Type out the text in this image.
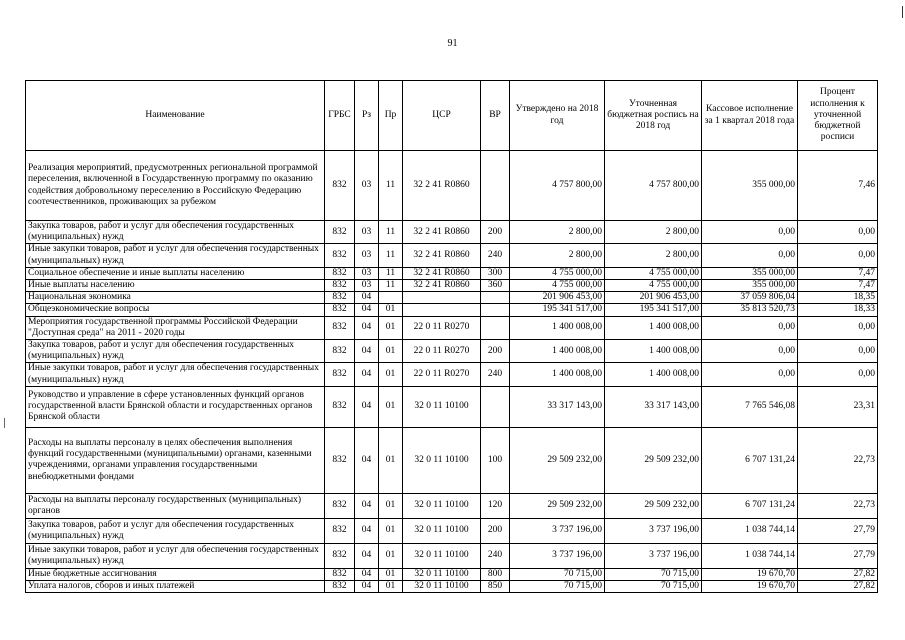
91
Наименование	ГРБС	Рз	Пр	ЦСР	ВР	Утверждено на 2018 год	Уточненная бюджетная роспись на 2018 год	Кассовое исполнение за 1 квартал 2018 года	Процент исполнения к уточненной бюджетной росписи
Реализация мероприятий, предусмотренных региональной программой переселения, включенной в Государственную программу по оказанию содействия добровольному переселению в Российскую Федерацию соотечественников, проживающих за рубежом	832	03	11	32 2 41 R0860		4 757 800,00	4 757 800,00	355 000,00	7,46
Закупка товаров, работ и услуг для обеспечения государственных (муниципальных) нужд	832	03	11	32 2 41 R0860	200	2 800,00	2 800,00	0,00	0,00
Иные закупки товаров, работ и услуг для обеспечения государственных (муниципальных) нужд	832	03	11	32 2 41 R0860	240	2 800,00	2 800,00	0,00	0,00
Социальное обеспечение и иные выплаты населению	832	03	11	32 2 41 R0860	300	4 755 000,00	4 755 000,00	355 000,00	7,47
Иные выплаты населению	832	03	11	32 2 41 R0860	360	4 755 000,00	4 755 000,00	355 000,00	7,47
Национальная экономика	832	04				201 906 453,00	201 906 453,00	37 059 806,04	18,35
Общеэкономические вопросы	832	04	01			195 341 517,00	195 341 517,00	35 813 520,73	18,33
Мероприятия государственной программы Российской Федерации "Доступная среда" на 2011 - 2020 годы	832	04	01	22 0 11 R0270		1 400 008,00	1 400 008,00	0,00	0,00
Закупка товаров, работ и услуг для обеспечения государственных (муниципальных) нужд	832	04	01	22 0 11 R0270	200	1 400 008,00	1 400 008,00	0,00	0,00
Иные закупки товаров, работ и услуг для обеспечения государственных (муниципальных) нужд	832	04	01	22 0 11 R0270	240	1 400 008,00	1 400 008,00	0,00	0,00
Руководство и управление в сфере установленных функций органов государственной власти Брянской области и государственных органов Брянской области	832	04	01	32 0 11 10100		33 317 143,00	33 317 143,00	7 765 546,08	23,31
Расходы на выплаты персоналу в целях обеспечения выполнения функций государственными (муниципальными) органами, казенными учреждениями, органами управления государственными внебюджетными фондами	832	04	01	32 0 11 10100	100	29 509 232,00	29 509 232,00	6 707 131,24	22,73
Расходы на выплаты персоналу государственных (муниципальных) органов	832	04	01	32 0 11 10100	120	29 509 232,00	29 509 232,00	6 707 131,24	22,73
Закупка товаров, работ и услуг для обеспечения государственных (муниципальных) нужд	832	04	01	32 0 11 10100	200	3 737 196,00	3 737 196,00	1 038 744,14	27,79
Иные закупки товаров, работ и услуг для обеспечения государственных (муниципальных) нужд	832	04	01	32 0 11 10100	240	3 737 196,00	3 737 196,00	1 038 744,14	27,79
Иные бюджетные ассигнования	832	04	01	32 0 11 10100	800	70 715,00	70 715,00	19 670,70	27,82
Уплата налогов, сборов и иных платежей	832	04	01	32 0 11 10100	850	70 715,00	70 715,00	19 670,70	27,82
